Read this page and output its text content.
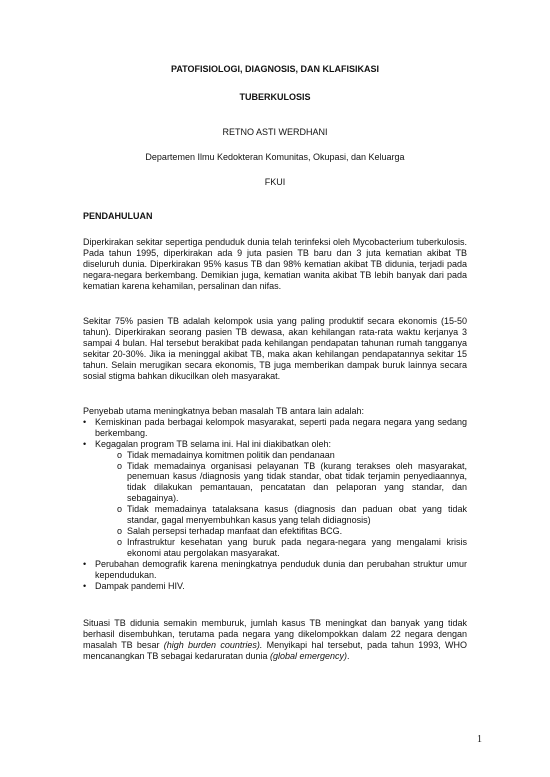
PATOFISIOLOGI, DIAGNOSIS, DAN KLAFISIKASI
TUBERKULOSIS
RETNO ASTI WERDHANI
Departemen Ilmu Kedokteran Komunitas, Okupasi, dan Keluarga
FKUI
PENDAHULUAN

Diperkirakan sekitar sepertiga penduduk dunia telah terinfeksi oleh Mycobacterium tuberkulosis. Pada tahun 1995, diperkirakan ada 9 juta pasien TB baru dan 3 juta kematian akibat TB diseluruh dunia. Diperkirakan 95% kasus TB dan 98% kematian akibat TB didunia, terjadi pada negara-negara berkembang. Demikian juga, kematian wanita akibat TB lebih banyak dari pada kematian karena kehamilan, persalinan dan nifas.

Sekitar 75% pasien TB adalah kelompok usia yang paling produktif secara ekonomis (15-50 tahun). Diperkirakan seorang pasien TB dewasa, akan kehilangan rata-rata waktu kerjanya 3 sampai 4 bulan. Hal tersebut berakibat pada kehilangan pendapatan tahunan rumah tangganya sekitar 20-30%. Jika ia meninggal akibat TB, maka akan kehilangan pendapatannya sekitar 15 tahun. Selain merugikan secara ekonomis, TB juga memberikan dampak buruk lainnya secara sosial stigma bahkan dikucilkan oleh masyarakat.

Penyebab utama meningkatnya beban masalah TB antara lain adalah:

• Kemiskinan pada berbagai kelompok masyarakat, seperti pada negara negara yang sedang berkembang.
• Kegagalan program TB selama ini. Hal ini diakibatkan oleh:
o Tidak memadainya komitmen politik dan pendanaan
o Tidak memadainya organisasi pelayanan TB (kurang terakses oleh masyarakat, penemuan kasus /diagnosis yang tidak standar, obat tidak terjamin penyediaannya, tidak dilakukan pemantauan, pencatatan dan pelaporan yang standar, dan sebagainya).
o Tidak memadainya tatalaksana kasus (diagnosis dan paduan obat yang tidak standar, gagal menyembuhkan kasus yang telah didiagnosis)
o Salah persepsi terhadap manfaat dan efektifitas BCG.
o Infrastruktur kesehatan yang buruk pada negara-negara yang mengalami krisis ekonomi atau pergolakan masyarakat.
• Perubahan demografik karena meningkatnya penduduk dunia dan perubahan struktur umur kependudukan.
• Dampak pandemi HIV.

Situasi TB didunia semakin memburuk, jumlah kasus TB meningkat dan banyak yang tidak berhasil disembuhkan, terutama pada negara yang dikelompokkan dalam 22 negara dengan masalah TB besar (high burden countries). Menyikapi hal tersebut, pada tahun 1993, WHO mencanangkan TB sebagai kedaruratan dunia (global emergency).

1
